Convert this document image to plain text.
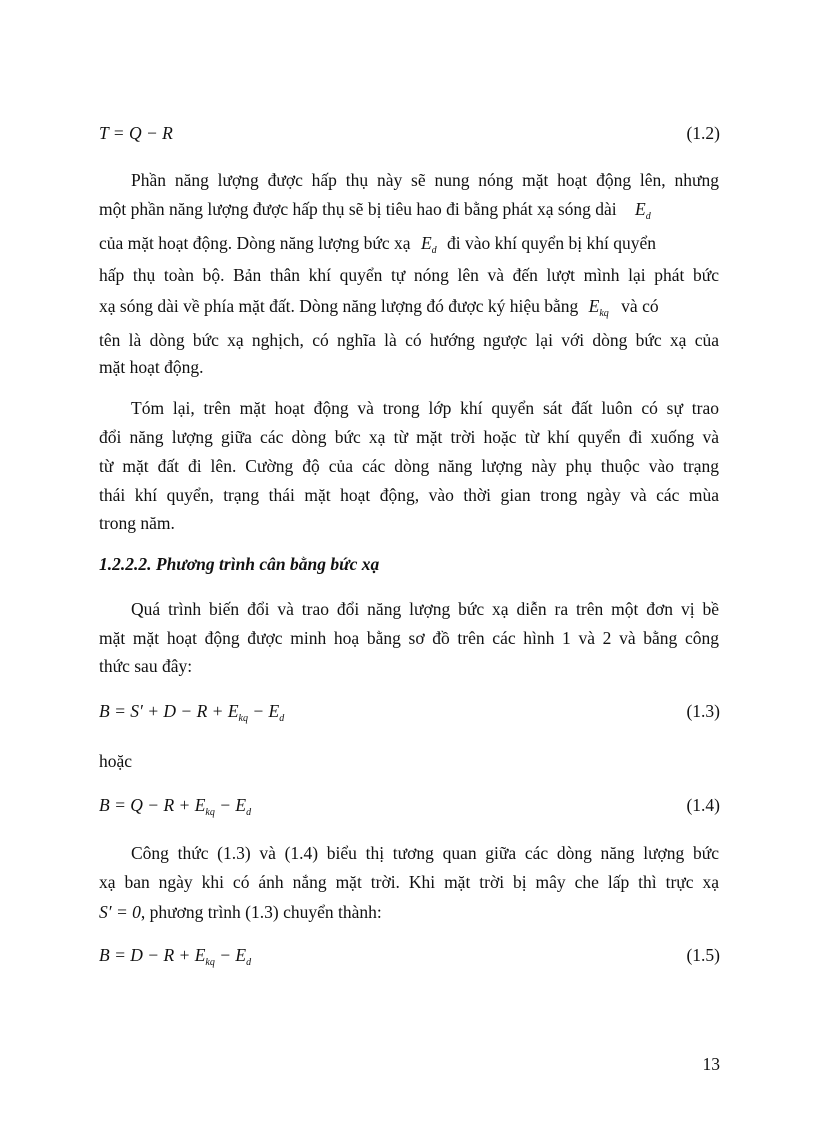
T = Q − R	(1.2)
Phần năng lượng được hấp thụ này sẽ nung nóng mặt hoạt động lên, nhưng
một phần năng lượng được hấp thụ sẽ bị tiêu hao đi bằng phát xạ sóng dài $E_d$
của mặt hoạt động. Dòng năng lượng bức xạ $E_d$ đi vào khí quyển bị khí quyển
hấp thụ toàn bộ. Bản thân khí quyển tự nóng lên và đến lượt mình lại phát bức
xạ sóng dài về phía mặt đất. Dòng năng lượng đó được ký hiệu bằng $E_{kq}$ và có
tên là dòng bức xạ nghịch, có nghĩa là có hướng ngược lại với dòng bức xạ của
mặt hoạt động.
Tóm lại, trên mặt hoạt động và trong lớp khí quyển sát đất luôn có sự trao
đổi năng lượng giữa các dòng bức xạ từ mặt trời hoặc từ khí quyển đi xuống và
từ mặt đất đi lên. Cường độ của các dòng năng lượng này phụ thuộc vào trạng
thái khí quyển, trạng thái mặt hoạt động, vào thời gian trong ngày và các mùa
trong năm.
1.2.2.2. Phương trình cân bằng bức xạ
Quá trình biến đổi và trao đổi năng lượng bức xạ diễn ra trên một đơn vị bề
mặt mặt hoạt động được minh hoạ bằng sơ đồ trên các hình 1 và 2 và bằng công
thức sau đây:
$B = S' + D - R + E_{kq} - E_d$	(1.3)
hoặc
$B = Q - R + E_{kq} - E_d$	(1.4)
Công thức (1.3) và (1.4) biểu thị tương quan giữa các dòng năng lượng bức
xạ ban ngày khi có ánh nắng mặt trời. Khi mặt trời bị mây che lấp thì trực xạ
S′ = 0, phương trình (1.3) chuyển thành:
$B = D - R + E_{kq} - E_d$	(1.5)
13
